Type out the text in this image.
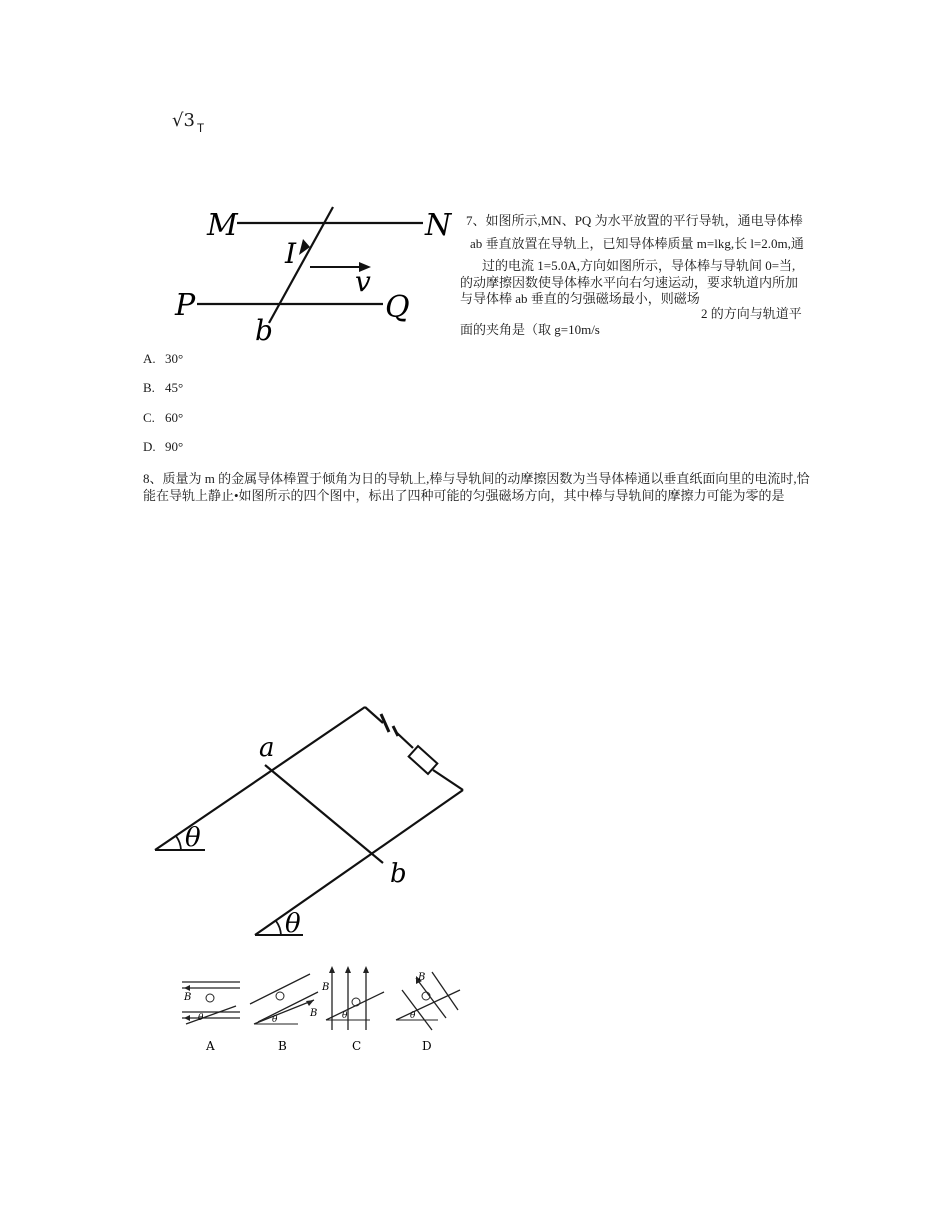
√3 $_T$
M	N
P	Q
I
v
b
7、如图所示,MN、PQ 为水平放置的平行导轨，通电导体棒
ab 垂直放置在导轨上，已知导体棒质量 m=lkg,长 l=2.0m,通
过的电流 1=5.0A,方向如图所示，导体棒与导轨间 0=当,
的动摩擦因数使导体棒水平向右匀速运动，要求轨道内所加
与导体棒 ab 垂直的匀强磁场最小，则磁场
2 的方向与轨道平
面的夹角是（取 g=10m/s
A. 30°
B. 45°
C. 60°
D. 90°
8、质量为 m 的金属导体棒置于倾角为日的导轨上,棒与导轨间的动摩擦因数为当导体棒通以垂直纸面向里的电流时,恰能在导轨上静止•如图所示的四个图中，标出了四种可能的匀强磁场方向，其中棒与导轨间的摩擦力可能为零的是
a
b
θ
θ
B
θ
A
B
θ
B
B
θ
C
B
θ
D
